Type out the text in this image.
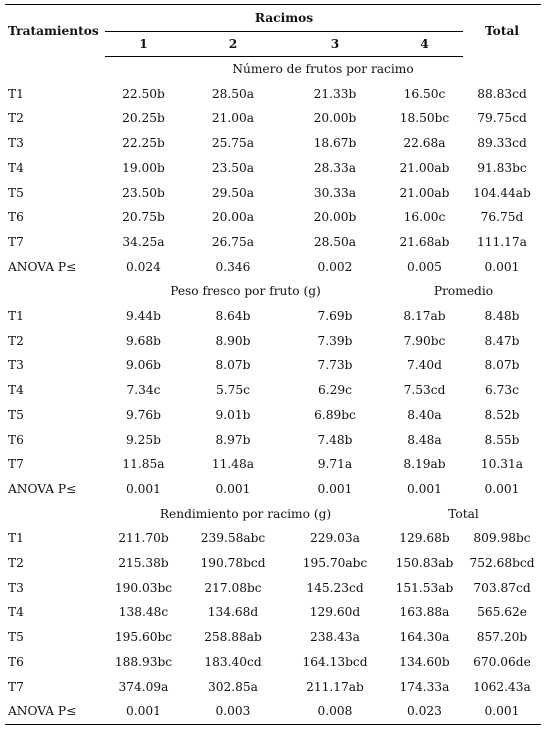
Tratamientos	Racimos				Total
	1	2	3	4	
	Número de frutos por racimo				
T1	22.50b	28.50a	21.33b	16.50c	88.83cd
T2	20.25b	21.00a	20.00b	18.50bc	79.75cd
T3	22.25b	25.75a	18.67b	22.68a	89.33cd
T4	19.00b	23.50a	28.33a	21.00ab	91.83bc
T5	23.50b	29.50a	30.33a	21.00ab	104.44ab
T6	20.75b	20.00a	20.00b	16.00c	76.75d
T7	34.25a	26.75a	28.50a	21.68ab	111.17a
ANOVA P≤	0.024	0.346	0.002	0.005	0.001
	Peso fresco por fruto (g)			Promedio	
T1	9.44b	8.64b	7.69b	8.17ab	8.48b
T2	9.68b	8.90b	7.39b	7.90bc	8.47b
T3	9.06b	8.07b	7.73b	7.40d	8.07b
T4	7.34c	5.75c	6.29c	7.53cd	6.73c
T5	9.76b	9.01b	6.89bc	8.40a	8.52b
T6	9.25b	8.97b	7.48b	8.48a	8.55b
T7	11.85a	11.48a	9.71a	8.19ab	10.31a
ANOVA P≤	0.001	0.001	0.001	0.001	0.001
	Rendimiento por racimo (g)			Total	
T1	211.70b	239.58abc	229.03a	129.68b	809.98bc
T2	215.38b	190.78bcd	195.70abc	150.83ab	752.68bcd
T3	190.03bc	217.08bc	145.23cd	151.53ab	703.87cd
T4	138.48c	134.68d	129.60d	163.88a	565.62e
T5	195.60bc	258.88ab	238.43a	164.30a	857.20b
T6	188.93bc	183.40cd	164.13bcd	134.60b	670.06de
T7	374.09a	302.85a	211.17ab	174.33a	1062.43a
ANOVA P≤	0.001	0.003	0.008	0.023	0.001
